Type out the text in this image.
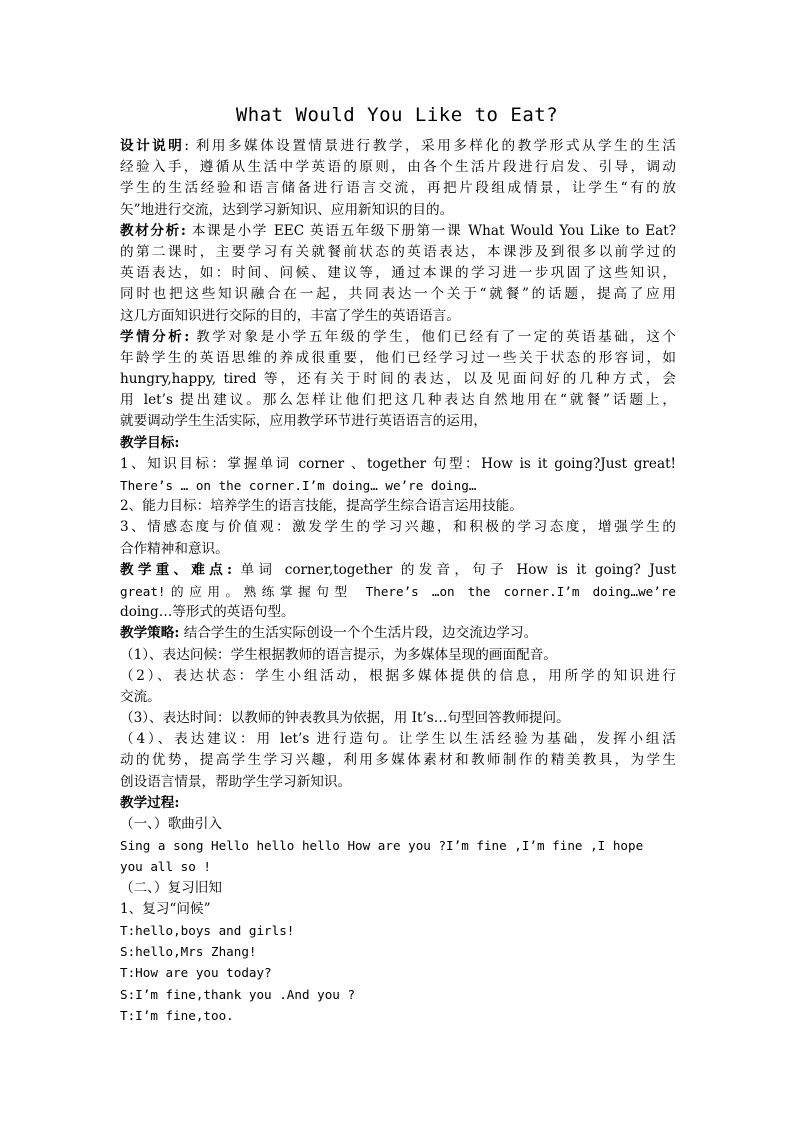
What Would You Like to Eat?
设计说明: 利用多媒体设置情景进行教学，采用多样化的教学形式从学生的生活
经验入手，遵循从生活中学英语的原则，由各个生活片段进行启发、引导，调动
学生的生活经验和语言储备进行语言交流，再把片段组成情景，让学生“有的放
矢”地进行交流，达到学习新知识、应用新知识的目的。
教材分析: 本课是小学 EEC 英语五年级下册第一课 What Would You Like to Eat?
的第二课时，主要学习有关就餐前状态的英语表达，本课涉及到很多以前学过的
英语表达，如：时间、问候、建议等，通过本课的学习进一步巩固了这些知识，
同时也把这些知识融合在一起，共同表达一个关于“就餐”的话题，提高了应用
这几方面知识进行交际的目的，丰富了学生的英语语言。
学情分析: 教学对象是小学五年级的学生，他们已经有了一定的英语基础，这个
年龄学生的英语思维的养成很重要，他们已经学习过一些关于状态的形容词，如
hungry,happy, tired 等，还有关于时间的表达，以及见面问好的几种方式，会
用 let’s 提出建议。那么怎样让他们把这几种表达自然地用在“就餐”话题上，
就要调动学生生活实际，应用教学环节进行英语语言的运用，
教学目标:
1、知识目标：掌握单词 corner 、together 句型：How is it going?Just great!
There’s … on the corner.I’m doing… we’re doing…
2、能力目标：培养学生的语言技能，提高学生综合语言运用技能。
3、情感态度与价值观：激发学生的学习兴趣，和积极的学习态度，增强学生的
合作精神和意识。
教学重、难点: 单词 corner,together 的发音，句子 How is it going? Just
great!的应用。熟练掌握句型 There’s …on the corner.I’m doing…we’re
doing…等形式的英语句型。
教学策略: 结合学生的生活实际创设一个个生活片段，边交流边学习。
（1）、表达问候：学生根据教师的语言提示，为多媒体呈现的画面配音。
（2）、表达状态：学生小组活动，根据多媒体提供的信息，用所学的知识进行
交流。
（3）、表达时间：以教师的钟表教具为依据，用 It’s…句型回答教师提问。
（4）、表达建议：用 let’s 进行造句。让学生以生活经验为基础，发挥小组活
动的优势，提高学生学习兴趣，利用多媒体素材和教师制作的精美教具，为学生
创设语言情景，帮助学生学习新知识。
教学过程:
（一、）歌曲引入
Sing a song Hello hello hello How are you ?I’m fine ,I’m fine ,I hope
you all so !
（二、）复习旧知
1、复习“问候”
T:hello,boys and girls!
S:hello,Mrs Zhang!
T:How are you today?
S:I’m fine,thank you .And you ?
T:I’m fine,too.
